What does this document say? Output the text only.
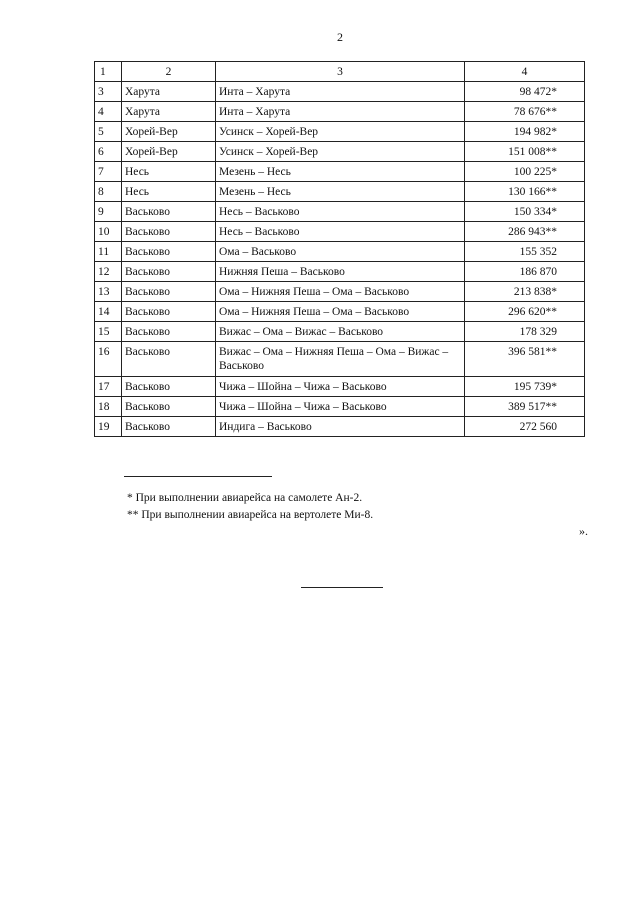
2
1	2	3	4
3	Харута	Инта – Харута	98 472*
4	Харута	Инта – Харута	78 676**
5	Хорей-Вер	Усинск – Хорей-Вер	194 982*
6	Хорей-Вер	Усинск – Хорей-Вер	151 008**
7	Несь	Мезень – Несь	100 225*
8	Несь	Мезень – Несь	130 166**
9	Васьково	Несь – Васьково	150 334*
10	Васьково	Несь – Васьково	286 943**
11	Васьково	Ома – Васьково	155 352
12	Васьково	Нижняя Пеша – Васьково	186 870
13	Васьково	Ома – Нижняя Пеша – Ома – Васьково	213 838*
14	Васьково	Ома – Нижняя Пеша – Ома – Васьково	296 620**
15	Васьково	Вижас – Ома – Вижас – Васьково	178 329
16	Васьково	Вижас – Ома – Нижняя Пеша – Ома – Вижас – Васьково	396 581**
17	Васьково	Чижа – Шойна – Чижа – Васьково	195 739*
18	Васьково	Чижа – Шойна – Чижа – Васьково	389 517**
19	Васьково	Индига – Васьково	272 560
* При выполнении авиарейса на самолете Ан-2.
** При выполнении авиарейса на вертолете Ми-8.
».
